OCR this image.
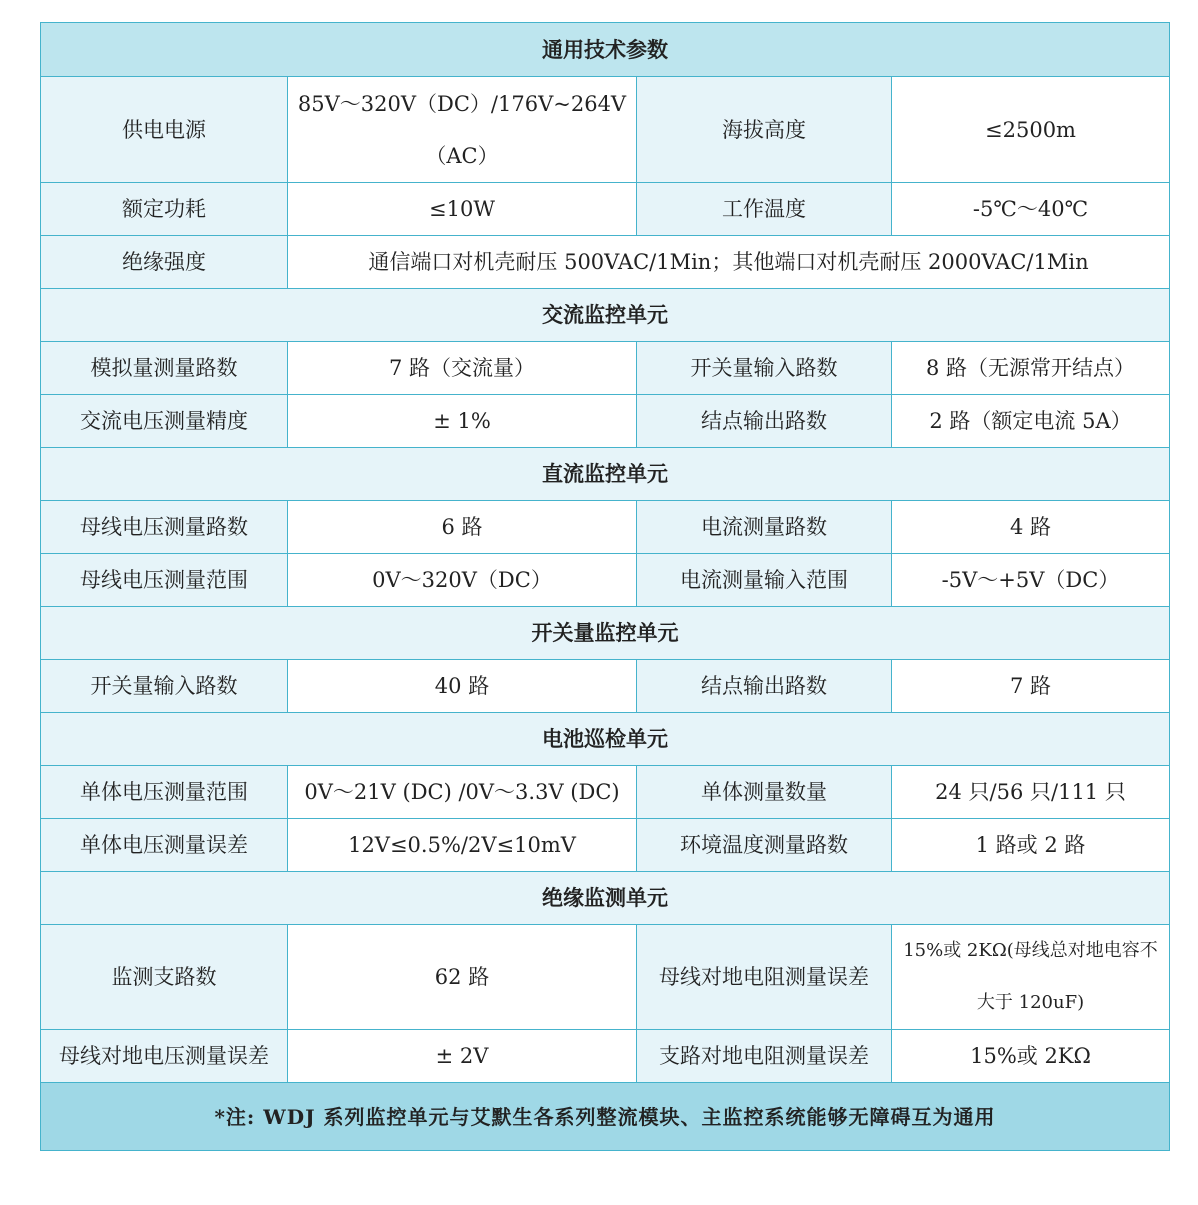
通用技术参数			
供电电源	85V～320V（DC）/176V~264V（AC）	海拔高度	≤2500m
额定功耗	≤10W	工作温度	-5℃～40℃
绝缘强度	通信端口对机壳耐压 500VAC/1Min；其他端口对机壳耐压 2000VAC/1Min		
交流监控单元			
模拟量测量路数	7 路（交流量）	开关量输入路数	8 路（无源常开结点）
交流电压测量精度	± 1%	结点输出路数	2 路（额定电流 5A）
直流监控单元			
母线电压测量路数	6 路	电流测量路数	4 路
母线电压测量范围	0V～320V（DC）	电流测量输入范围	-5V～+5V（DC）
开关量监控单元			
开关量输入路数	40 路	结点输出路数	7 路
电池巡检单元			
单体电压测量范围	0V～21V (DC) /0V～3.3V (DC)	单体测量数量	24 只/56 只/111 只
单体电压测量误差	12V≤0.5%/2V≤10mV	环境温度测量路数	1 路或 2 路
绝缘监测单元			
监测支路数	62 路	母线对地电阻测量误差	15%或 2KΩ(母线总对地电容不大于 120uF)
母线对地电压测量误差	± 2V	支路对地电阻测量误差	15%或 2KΩ
*注: WDJ 系列监控单元与艾默生各系列整流模块、主监控系统能够无障碍互为通用			
